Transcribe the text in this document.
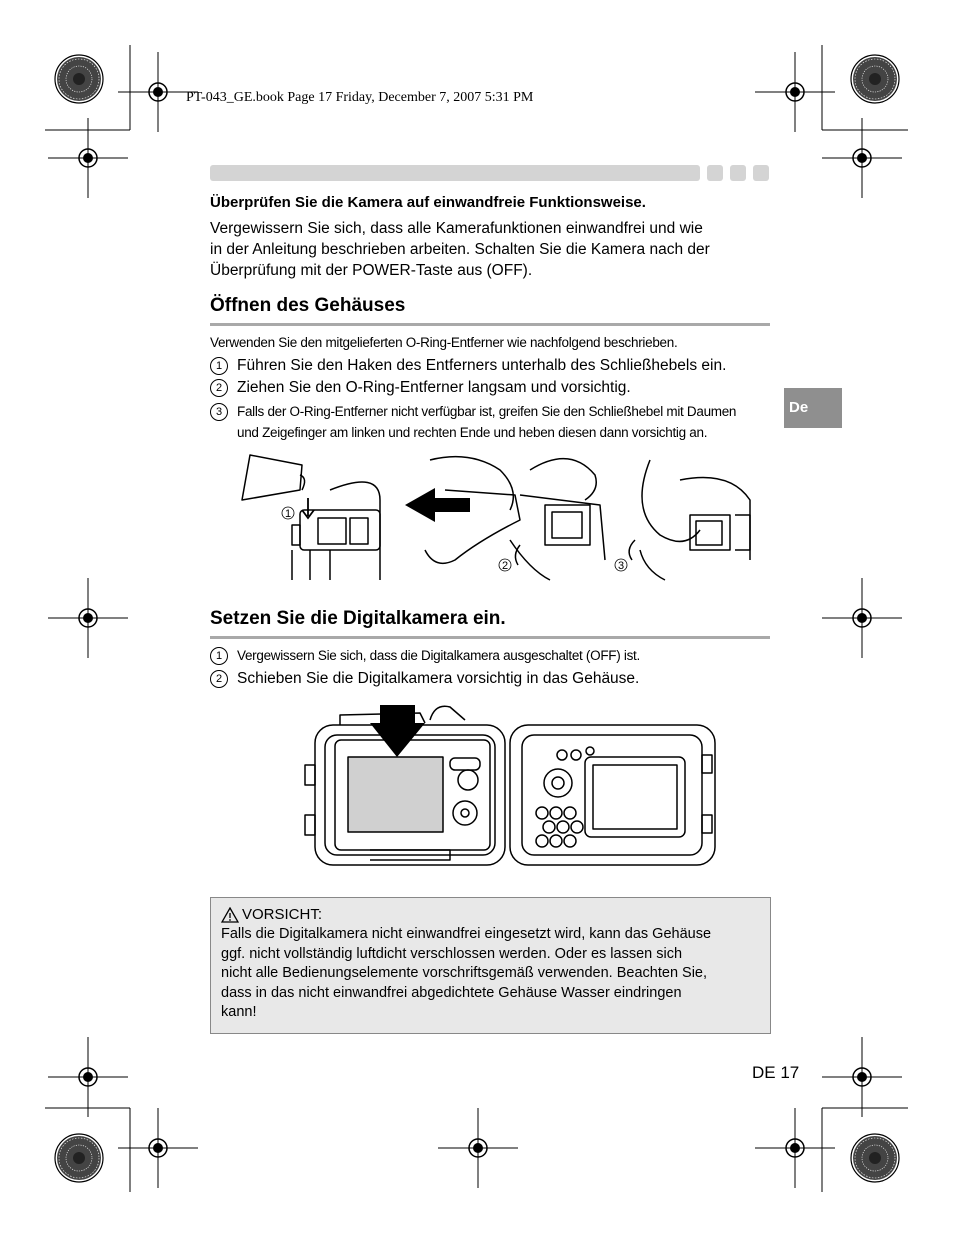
PT-043_GE.book Page 17 Friday, December 7, 2007 5:31 PM
Überprüfen Sie die Kamera auf einwandfreie Funktionsweise.
Vergewissern Sie sich, dass alle Kamerafunktionen einwandfrei und wie
in der Anleitung beschrieben arbeiten. Schalten Sie die Kamera nach der
Überprüfung mit der POWER-Taste aus (OFF).
Öffnen des Gehäuses
Verwenden Sie den mitgelieferten O-Ring-Entferner wie nachfolgend beschrieben.
1 Führen Sie den Haken des Entferners unterhalb des Schließhebels ein.
2 Ziehen Sie den O-Ring-Entferner langsam und vorsichtig.
3	Falls der O-Ring-Entferner nicht verfügbar ist, greifen Sie den Schließhebel mit Daumen
und Zeigefinger am linken und rechten Ende und heben diesen dann vorsichtig an.
De
1
2	3
Setzen Sie die Digitalkamera ein.
1	Vergewissern Sie sich, dass die Digitalkamera ausgeschaltet (OFF) ist.
2 Schieben Sie die Digitalkamera vorsichtig in das Gehäuse.
VORSICHT:
Falls die Digitalkamera nicht einwandfrei eingesetzt wird, kann das Gehäuse
ggf. nicht vollständig luftdicht verschlossen werden. Oder es lassen sich
nicht alle Bedienungselemente vorschriftsgemäß verwenden. Beachten Sie,
dass in das nicht einwandfrei abgedichtete Gehäuse Wasser eindringen
kann!
DE 17
